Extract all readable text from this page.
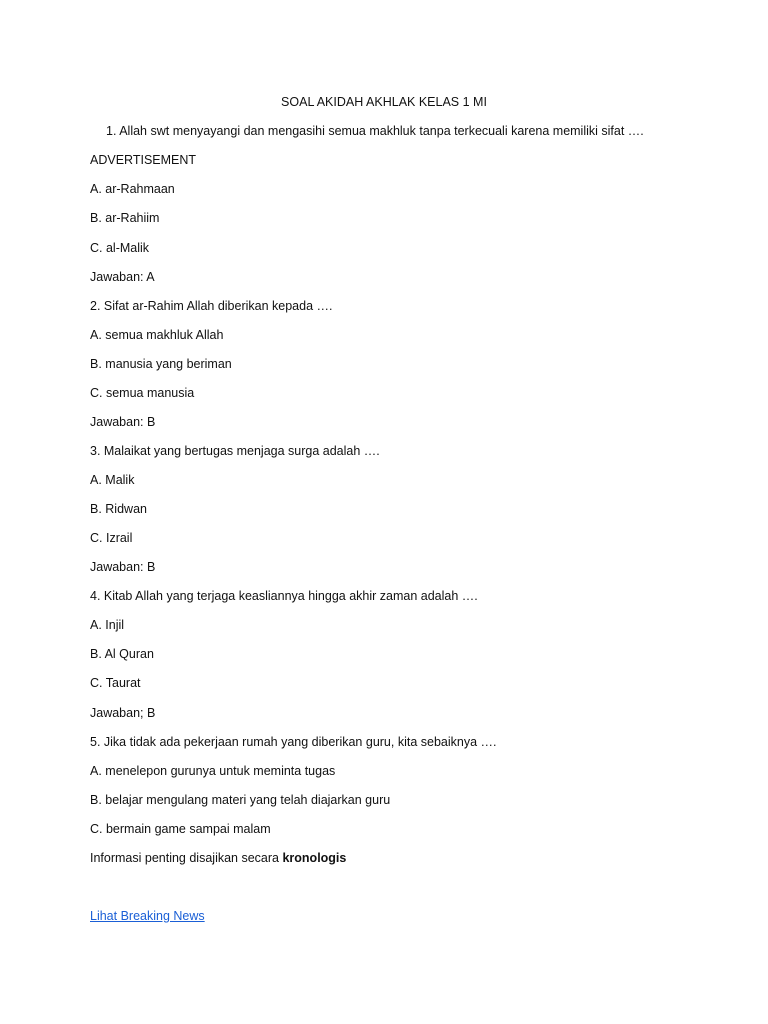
SOAL AKIDAH AKHLAK KELAS 1 MI
1. Allah swt menyayangi dan mengasihi semua makhluk tanpa terkecuali karena memiliki sifat ….
ADVERTISEMENT
A. ar-Rahmaan
B. ar-Rahiim
C. al-Malik
Jawaban: A
2. Sifat ar-Rahim Allah diberikan kepada ….
A. semua makhluk Allah
B. manusia yang beriman
C. semua manusia
Jawaban: B
3. Malaikat yang bertugas menjaga surga adalah ….
A. Malik
B. Ridwan
C. Izrail
Jawaban: B
4. Kitab Allah yang terjaga keasliannya hingga akhir zaman adalah ….
A. Injil
B. Al Quran
C. Taurat
Jawaban; B
5. Jika tidak ada pekerjaan rumah yang diberikan guru, kita sebaiknya ….
A. menelepon gurunya untuk meminta tugas
B. belajar mengulang materi yang telah diajarkan guru
C. bermain game sampai malam
Informasi penting disajikan secara kronologis
Lihat Breaking News
